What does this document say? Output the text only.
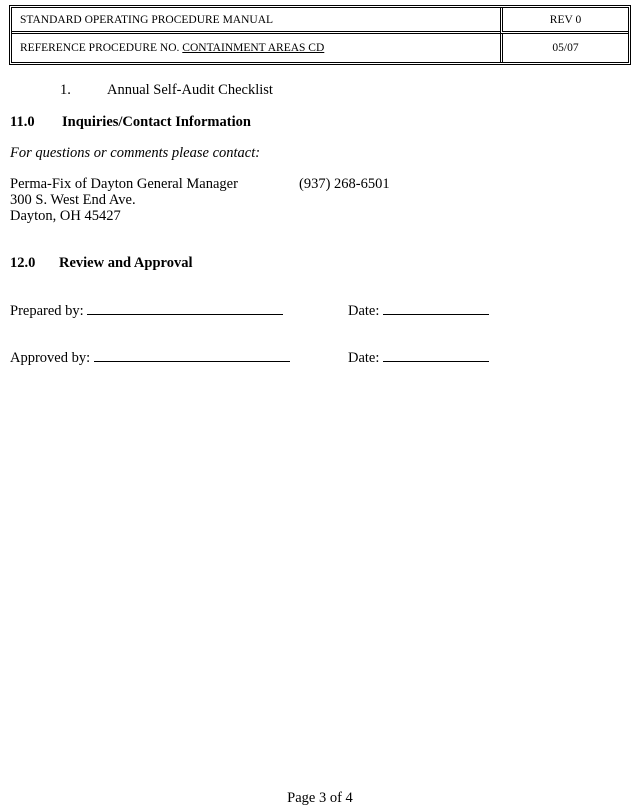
STANDARD OPERATING PROCEDURE MANUAL	REV 0
REFERENCE PROCEDURE NO. CONTAINMENT AREAS CD	05/07
1. Annual Self-Audit Checklist
11.0 Inquiries/Contact Information
For questions or comments please contact:
Perma-Fix of Dayton General Manager	(937) 268-6501
300 S. West End Ave.
Dayton, OH 45427
12.0 Review and Approval
Prepared by:	Date:
Approved by:	Date:
Page 3 of 4
